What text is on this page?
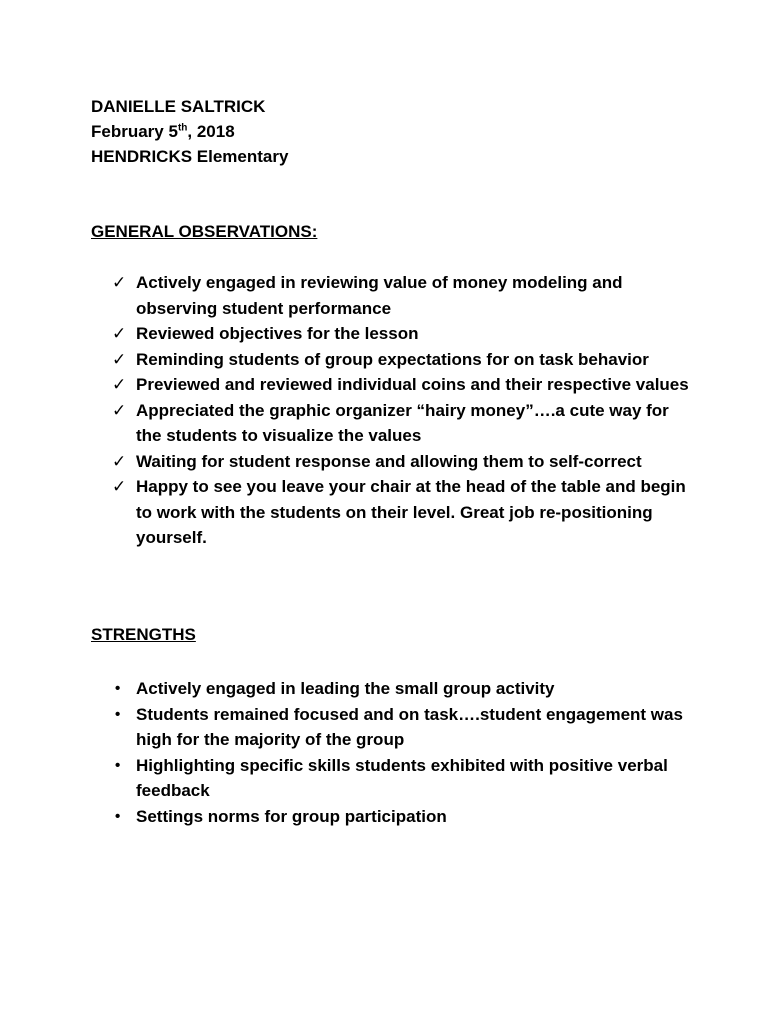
DANIELLE SALTRICK
February 5th, 2018
HENDRICKS Elementary
GENERAL OBSERVATIONS:
✓ Actively engaged in reviewing value of money modeling and observing student performance
✓ Reviewed objectives for the lesson
✓ Reminding students of group expectations for on task behavior
✓ Previewed and reviewed individual coins and their respective values
✓ Appreciated the graphic organizer “hairy money”….a cute way for the students to visualize the values
✓ Waiting for student response and allowing them to self-correct
✓ Happy to see you leave your chair at the head of the table and begin to work with the students on their level. Great job re-positioning yourself.
STRENGTHS
• Actively engaged in leading the small group activity
• Students remained focused and on task….student engagement was high for the majority of the group
• Highlighting specific skills students exhibited with positive verbal feedback
• Settings norms for group participation
